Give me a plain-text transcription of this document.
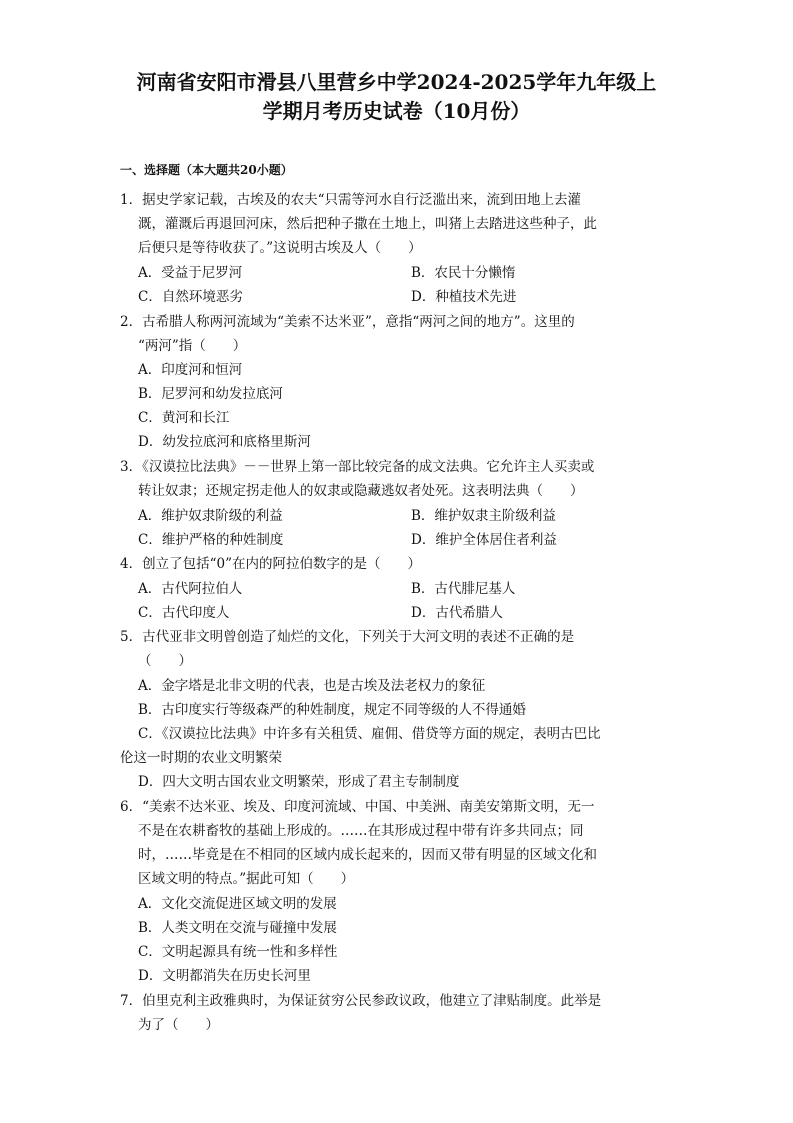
河南省安阳市滑县八里营乡中学2024-2025学年九年级上
学期月考历史试卷（10月份）
一、选择题（本大题共20小题）
1．据史学家记载，古埃及的农夫“只需等河水自行泛滥出来，流到田地上去灌
溉，灌溉后再退回河床，然后把种子撒在土地上，叫猪上去踏进这些种子，此
后便只是等待收获了。”这说明古埃及人（　　）
A．受益于尼罗河	B．农民十分懒惰
C．自然环境恶劣	D．种植技术先进
2．古希腊人称两河流域为“美索不达米亚”，意指“两河之间的地方”。这里的
“两河”指（　　）
A．印度河和恒河
B．尼罗河和幼发拉底河
C．黄河和长江
D．幼发拉底河和底格里斯河
3．《汉谟拉比法典》－－世界上第一部比较完备的成文法典。它允许主人买卖或
转让奴隶；还规定拐走他人的奴隶或隐藏逃奴者处死。这表明法典（　　）
A．维护奴隶阶级的利益	B．维护奴隶主阶级利益
C．维护严格的种姓制度	D．维护全体居住者利益
4．创立了包括“0”在内的阿拉伯数字的是（　　）
A．古代阿拉伯人	B．古代腓尼基人
C．古代印度人	D．古代希腊人
5．古代亚非文明曾创造了灿烂的文化，下列关于大河文明的表述不正确的是
（　　）
A．金字塔是北非文明的代表，也是古埃及法老权力的象征
B．古印度实行等级森严的种姓制度，规定不同等级的人不得通婚
C．《汉谟拉比法典》中许多有关租赁、雇佣、借贷等方面的规定，表明古巴比
伦这一时期的农业文明繁荣
D．四大文明古国农业文明繁荣，形成了君主专制制度
6．“美索不达米亚、埃及、印度河流域、中国、中美洲、南美安第斯文明，无一
不是在农耕畜牧的基础上形成的。……在其形成过程中带有许多共同点；同
时，……毕竟是在不相同的区域内成长起来的，因而又带有明显的区域文化和
区域文明的特点。”据此可知（　　）
A．文化交流促进区域文明的发展
B．人类文明在交流与碰撞中发展
C．文明起源具有统一性和多样性
D．文明都消失在历史长河里
7．伯里克利主政雅典时，为保证贫穷公民参政议政，他建立了津贴制度。此举是
为了（　　）
